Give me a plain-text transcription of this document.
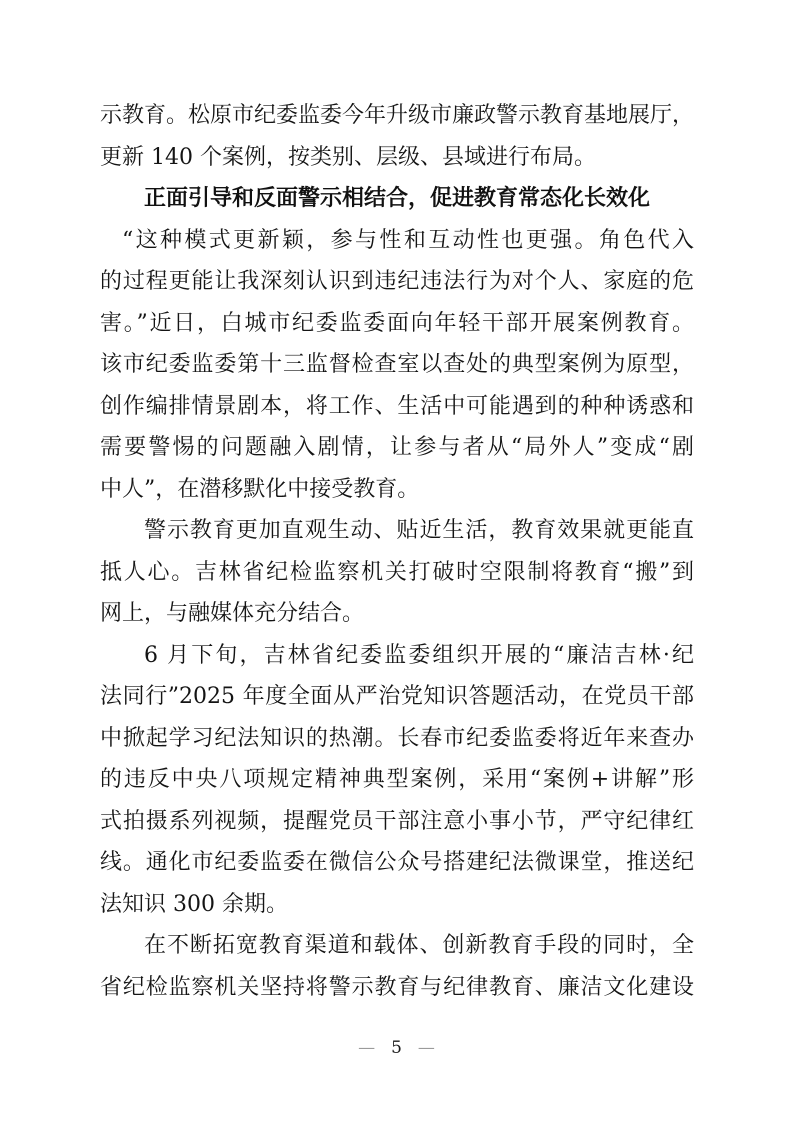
示教育。松原市纪委监委今年升级市廉政警示教育基地展厅，
更新 140 个案例，按类别、层级、县域进行布局。
正面引导和反面警示相结合，促进教育常态化长效化
“这种模式更新颖，参与性和互动性也更强。角色代入
的过程更能让我深刻认识到违纪违法行为对个人、家庭的危
害。”近日，白城市纪委监委面向年轻干部开展案例教育。
该市纪委监委第十三监督检查室以查处的典型案例为原型，
创作编排情景剧本，将工作、生活中可能遇到的种种诱惑和
需要警惕的问题融入剧情，让参与者从“局外人”变成“剧
中人”，在潜移默化中接受教育。
警示教育更加直观生动、贴近生活，教育效果就更能直
抵人心。吉林省纪检监察机关打破时空限制将教育“搬”到
网上，与融媒体充分结合。
6 月下旬，吉林省纪委监委组织开展的“廉洁吉林·纪
法同行”2025 年度全面从严治党知识答题活动，在党员干部
中掀起学习纪法知识的热潮。长春市纪委监委将近年来查办
的违反中央八项规定精神典型案例，采用“案例+讲解”形
式拍摄系列视频，提醒党员干部注意小事小节，严守纪律红
线。通化市纪委监委在微信公众号搭建纪法微课堂，推送纪
法知识 300 余期。
在不断拓宽教育渠道和载体、创新教育手段的同时，全
省纪检监察机关坚持将警示教育与纪律教育、廉洁文化建设
— 5 —
